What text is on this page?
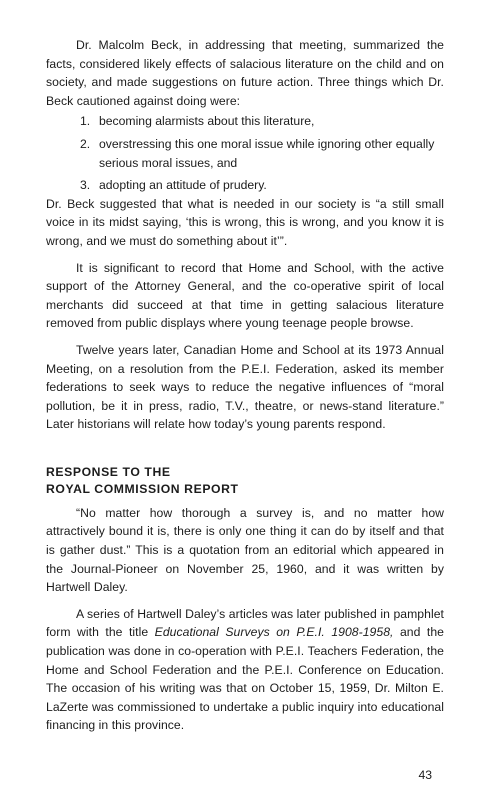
Dr. Malcolm Beck, in addressing that meeting, summarized the facts, considered likely effects of salacious literature on the child and on society, and made suggestions on future action. Three things which Dr. Beck cautioned against doing were:

1. becoming alarmists about this literature,
2. overstressing this one moral issue while ignoring other equally serious moral issues, and
3. adopting an attitude of prudery.

Dr. Beck suggested that what is needed in our society is “a still small voice in its midst saying, ‘this is wrong, this is wrong, and you know it is wrong, and we must do something about it’”.

It is significant to record that Home and School, with the active support of the Attorney General, and the co-operative spirit of local merchants did succeed at that time in getting salacious literature removed from public displays where young teenage people browse.

Twelve years later, Canadian Home and School at its 1973 Annual Meeting, on a resolution from the P.E.I. Federation, asked its member federations to seek ways to reduce the negative influences of “moral pollution, be it in press, radio, T.V., theatre, or news-stand literature.” Later historians will relate how today’s young parents respond.

RESPONSE TO THE
ROYAL COMMISSION REPORT

“No matter how thorough a survey is, and no matter how attractively bound it is, there is only one thing it can do by itself and that is gather dust.” This is a quotation from an editorial which appeared in the Journal-Pioneer on November 25, 1960, and it was written by Hartwell Daley.

A series of Hartwell Daley’s articles was later published in pamphlet form with the title Educational Surveys on P.E.I. 1908-1958, and the publication was done in co-operation with P.E.I. Teachers Federation, the Home and School Federation and the P.E.I. Conference on Education. The occasion of his writing was that on October 15, 1959, Dr. Milton E. LaZerte was commissioned to undertake a public inquiry into educational financing in this province.

43
